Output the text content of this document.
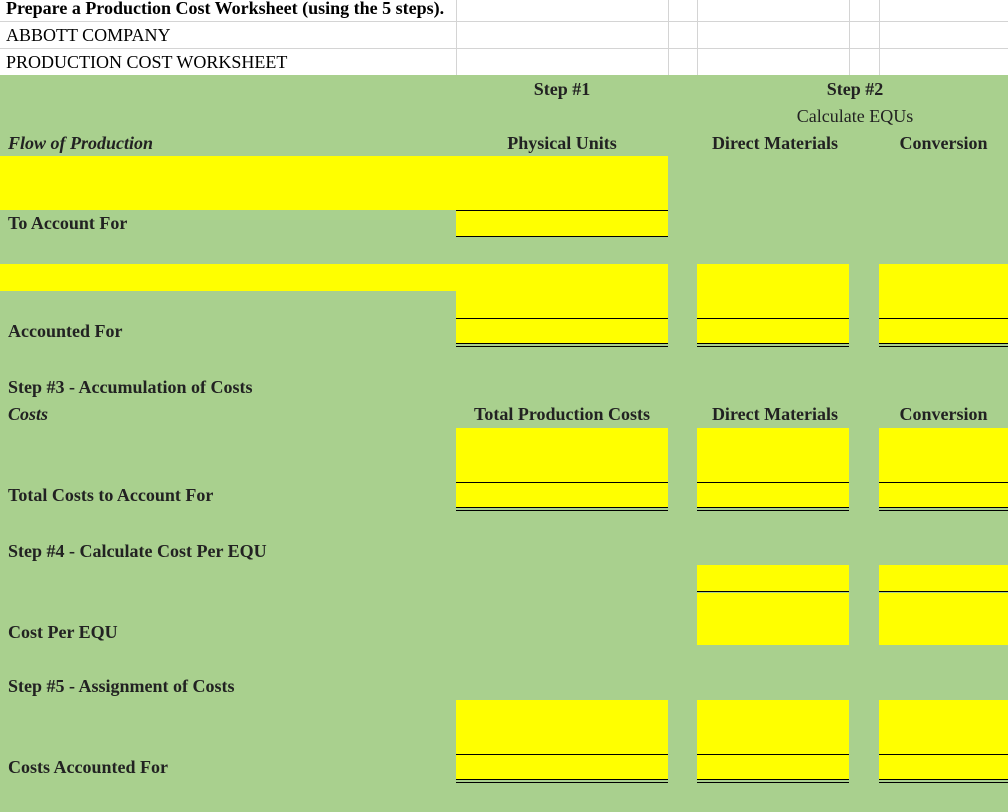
Prepare a Production Cost Worksheet (using the 5 steps).
ABBOTT COMPANY
PRODUCTION COST WORKSHEET
Step #1	Step #2
Calculate EQUs
Flow of Production	Physical Units	Direct Materials	Conversion
To Account For
Accounted For
Step #3 - Accumulation of Costs
Costs	Total Production Costs	Direct Materials	Conversion
Total Costs to Account For
Step #4 - Calculate Cost Per EQU
Cost Per EQU
Step #5 - Assignment of Costs
Costs Accounted For
